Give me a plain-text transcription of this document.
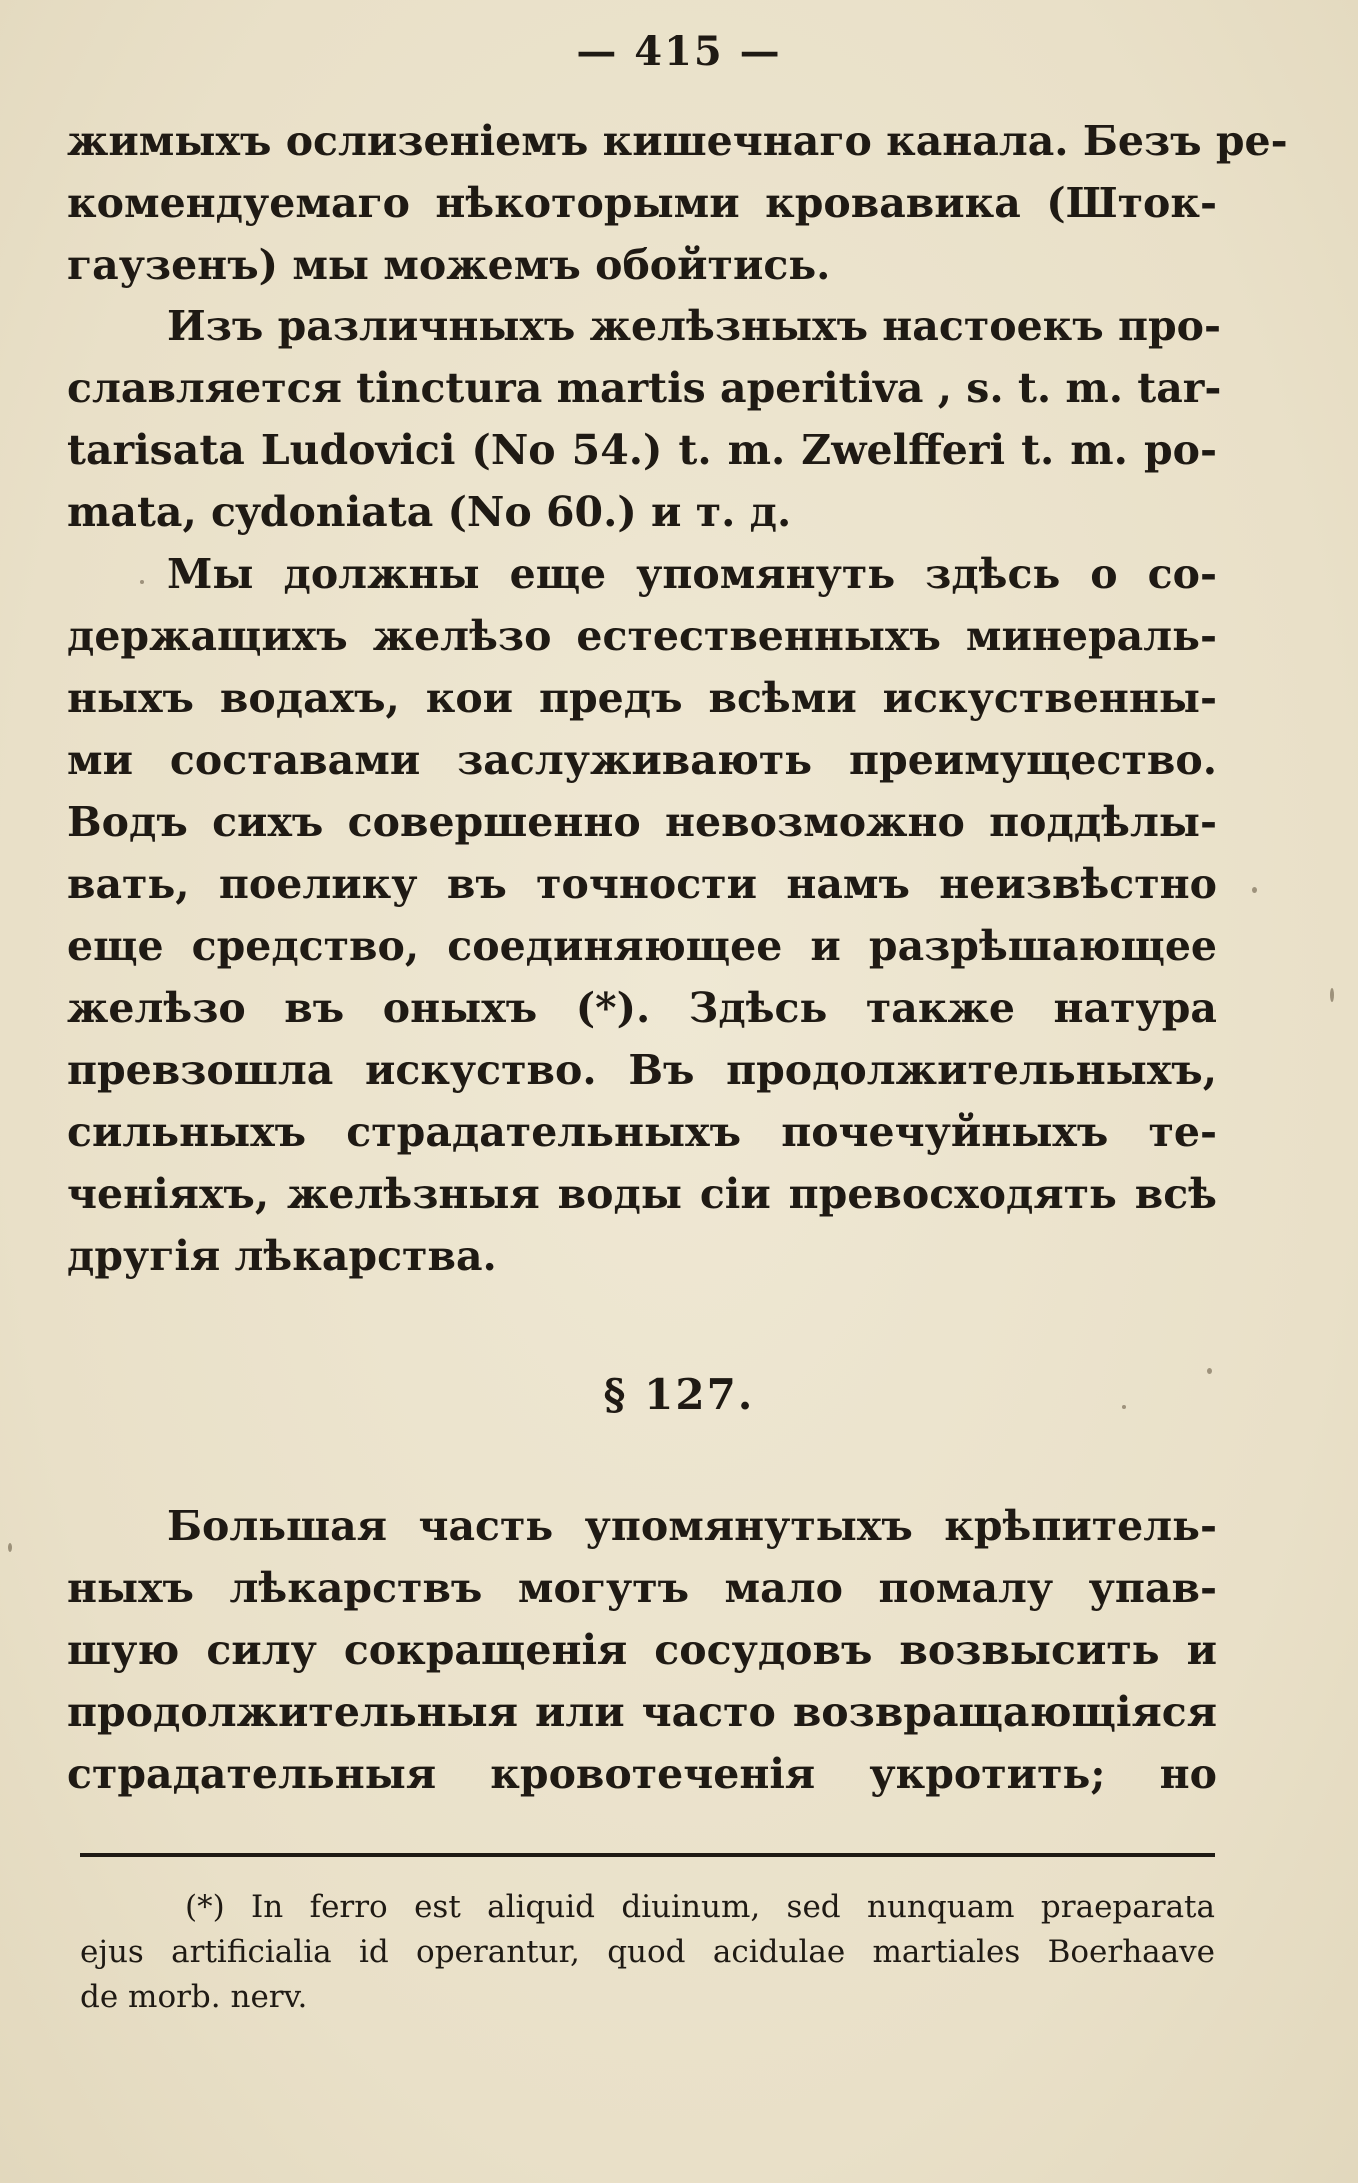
— 415 —
жимыхъ ослизеніемъ кишечнаго канала. Безъ ре-
комендуемаго нѣкоторыми кровавика (Шток-
гаузенъ) мы можемъ обойтись.
Изъ различныхъ желѣзныхъ настоекъ про-
славляется tinctura martis aperitiva , s. t. m. tar-
tarisata Ludovici (No 54.) t. m. Zwelfferi t. m. po-
mata, cydoniata (No 60.) и т. д.
Мы должны еще упомянуть здѣсь о со-
держащихъ желѣзо естественныхъ минераль-
ныхъ водахъ, кои предъ всѣми искуственны-
ми составами заслуживають преимущество.
Водъ сихъ совершенно невозможно поддѣлы-
вать, поелику въ точности намъ неизвѣстно
еще средство, соединяющее и разрѣшающее
желѣзо въ оныхъ (*). Здѣсь также натура
превзошла искуство. Въ продолжительныхъ,
сильныхъ страдательныхъ почечуйныхъ те-
ченіяхъ, желѣзныя воды сіи превосходять всѣ
другія лѣкарства.
§ 127.
Большая часть упомянутыхъ крѣпитель-
ныхъ лѣкарствъ могутъ мало помалу упав-
шую силу сокращенія сосудовъ возвысить и
продолжительныя или часто возвращающіяся
страдательныя кровотеченія укротить; но
(*) In ferro est aliquid diuinum, sed nunquam praeparata
ejus artificialia id operantur, quod acidulae martiales Boerhaave
de morb. nerv.
